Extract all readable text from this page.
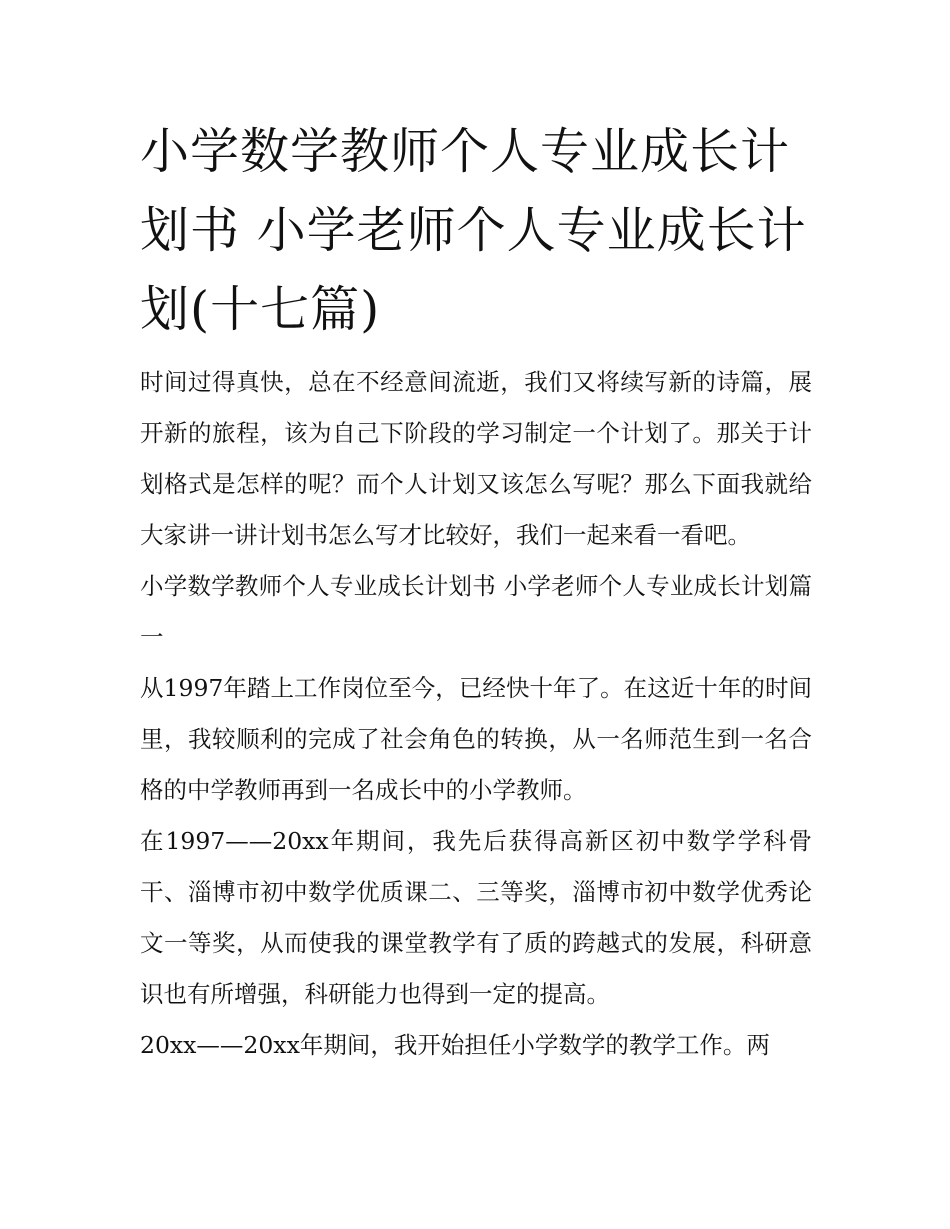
小学数学教师个人专业成长计划书 小学老师个人专业成长计划(十七篇)

时间过得真快，总在不经意间流逝，我们又将续写新的诗篇，展开新的旅程，该为自己下阶段的学习制定一个计划了。那关于计划格式是怎样的呢？而个人计划又该怎么写呢？那么下面我就给大家讲一讲计划书怎么写才比较好，我们一起来看一看吧。

小学数学教师个人专业成长计划书 小学老师个人专业成长计划篇一

从1997年踏上工作岗位至今，已经快十年了。在这近十年的时间里，我较顺利的完成了社会角色的转换，从一名师范生到一名合格的中学教师再到一名成长中的小学教师。

在1997——20xx年期间，我先后获得高新区初中数学学科骨干、淄博市初中数学优质课二、三等奖，淄博市初中数学优秀论文一等奖，从而使我的课堂教学有了质的跨越式的发展，科研意识也有所增强，科研能力也得到一定的提高。

20xx——20xx年期间，我开始担任小学数学的教学工作。两
